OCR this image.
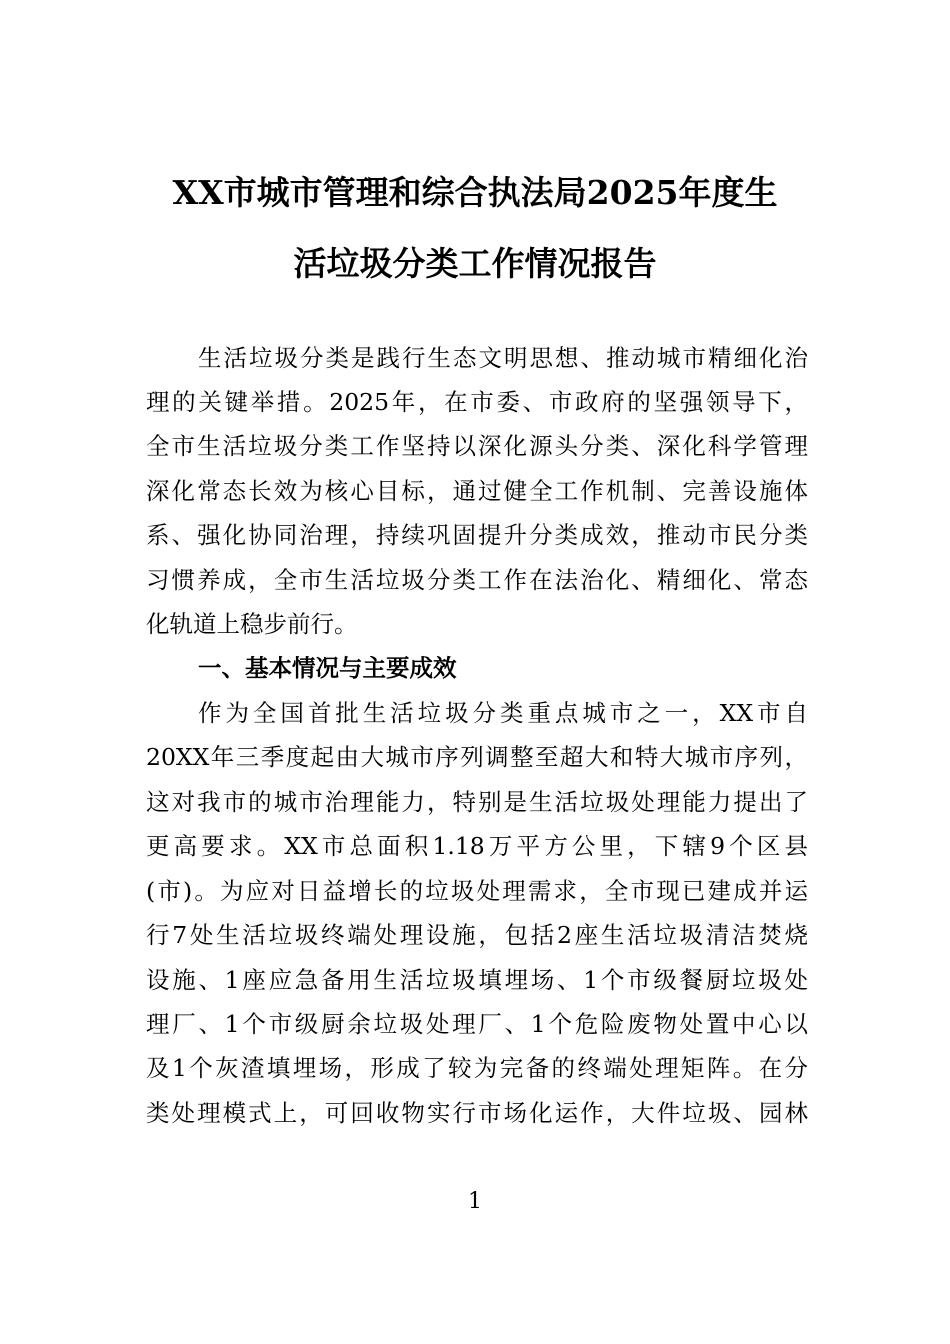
XX市城市管理和综合执法局2025年度生
活垃圾分类工作情况报告

生活垃圾分类是践行生态文明思想、推动城市精细化治

理的关键举措。2025年，在市委、市政府的坚强领导下，

全市生活垃圾分类工作坚持以深化源头分类、深化科学管理

深化常态长效为核心目标，通过健全工作机制、完善设施体

系、强化协同治理，持续巩固提升分类成效，推动市民分类

习惯养成，全市生活垃圾分类工作在法治化、精细化、常态

化轨道上稳步前行。

一、基本情况与主要成效

作为全国首批生活垃圾分类重点城市之一，XX市自

20XX年三季度起由大城市序列调整至超大和特大城市序列，

这对我市的城市治理能力，特别是生活垃圾处理能力提出了

更高要求。XX市总面积1.18万平方公里，下辖9个区县

(市)。为应对日益增长的垃圾处理需求，全市现已建成并运

行7处生活垃圾终端处理设施，包括2座生活垃圾清洁焚烧

设施、1座应急备用生活垃圾填埋场、1个市级餐厨垃圾处

理厂、1个市级厨余垃圾处理厂、1个危险废物处置中心以

及1个灰渣填埋场，形成了较为完备的终端处理矩阵。在分

类处理模式上，可回收物实行市场化运作，大件垃圾、园林

1
